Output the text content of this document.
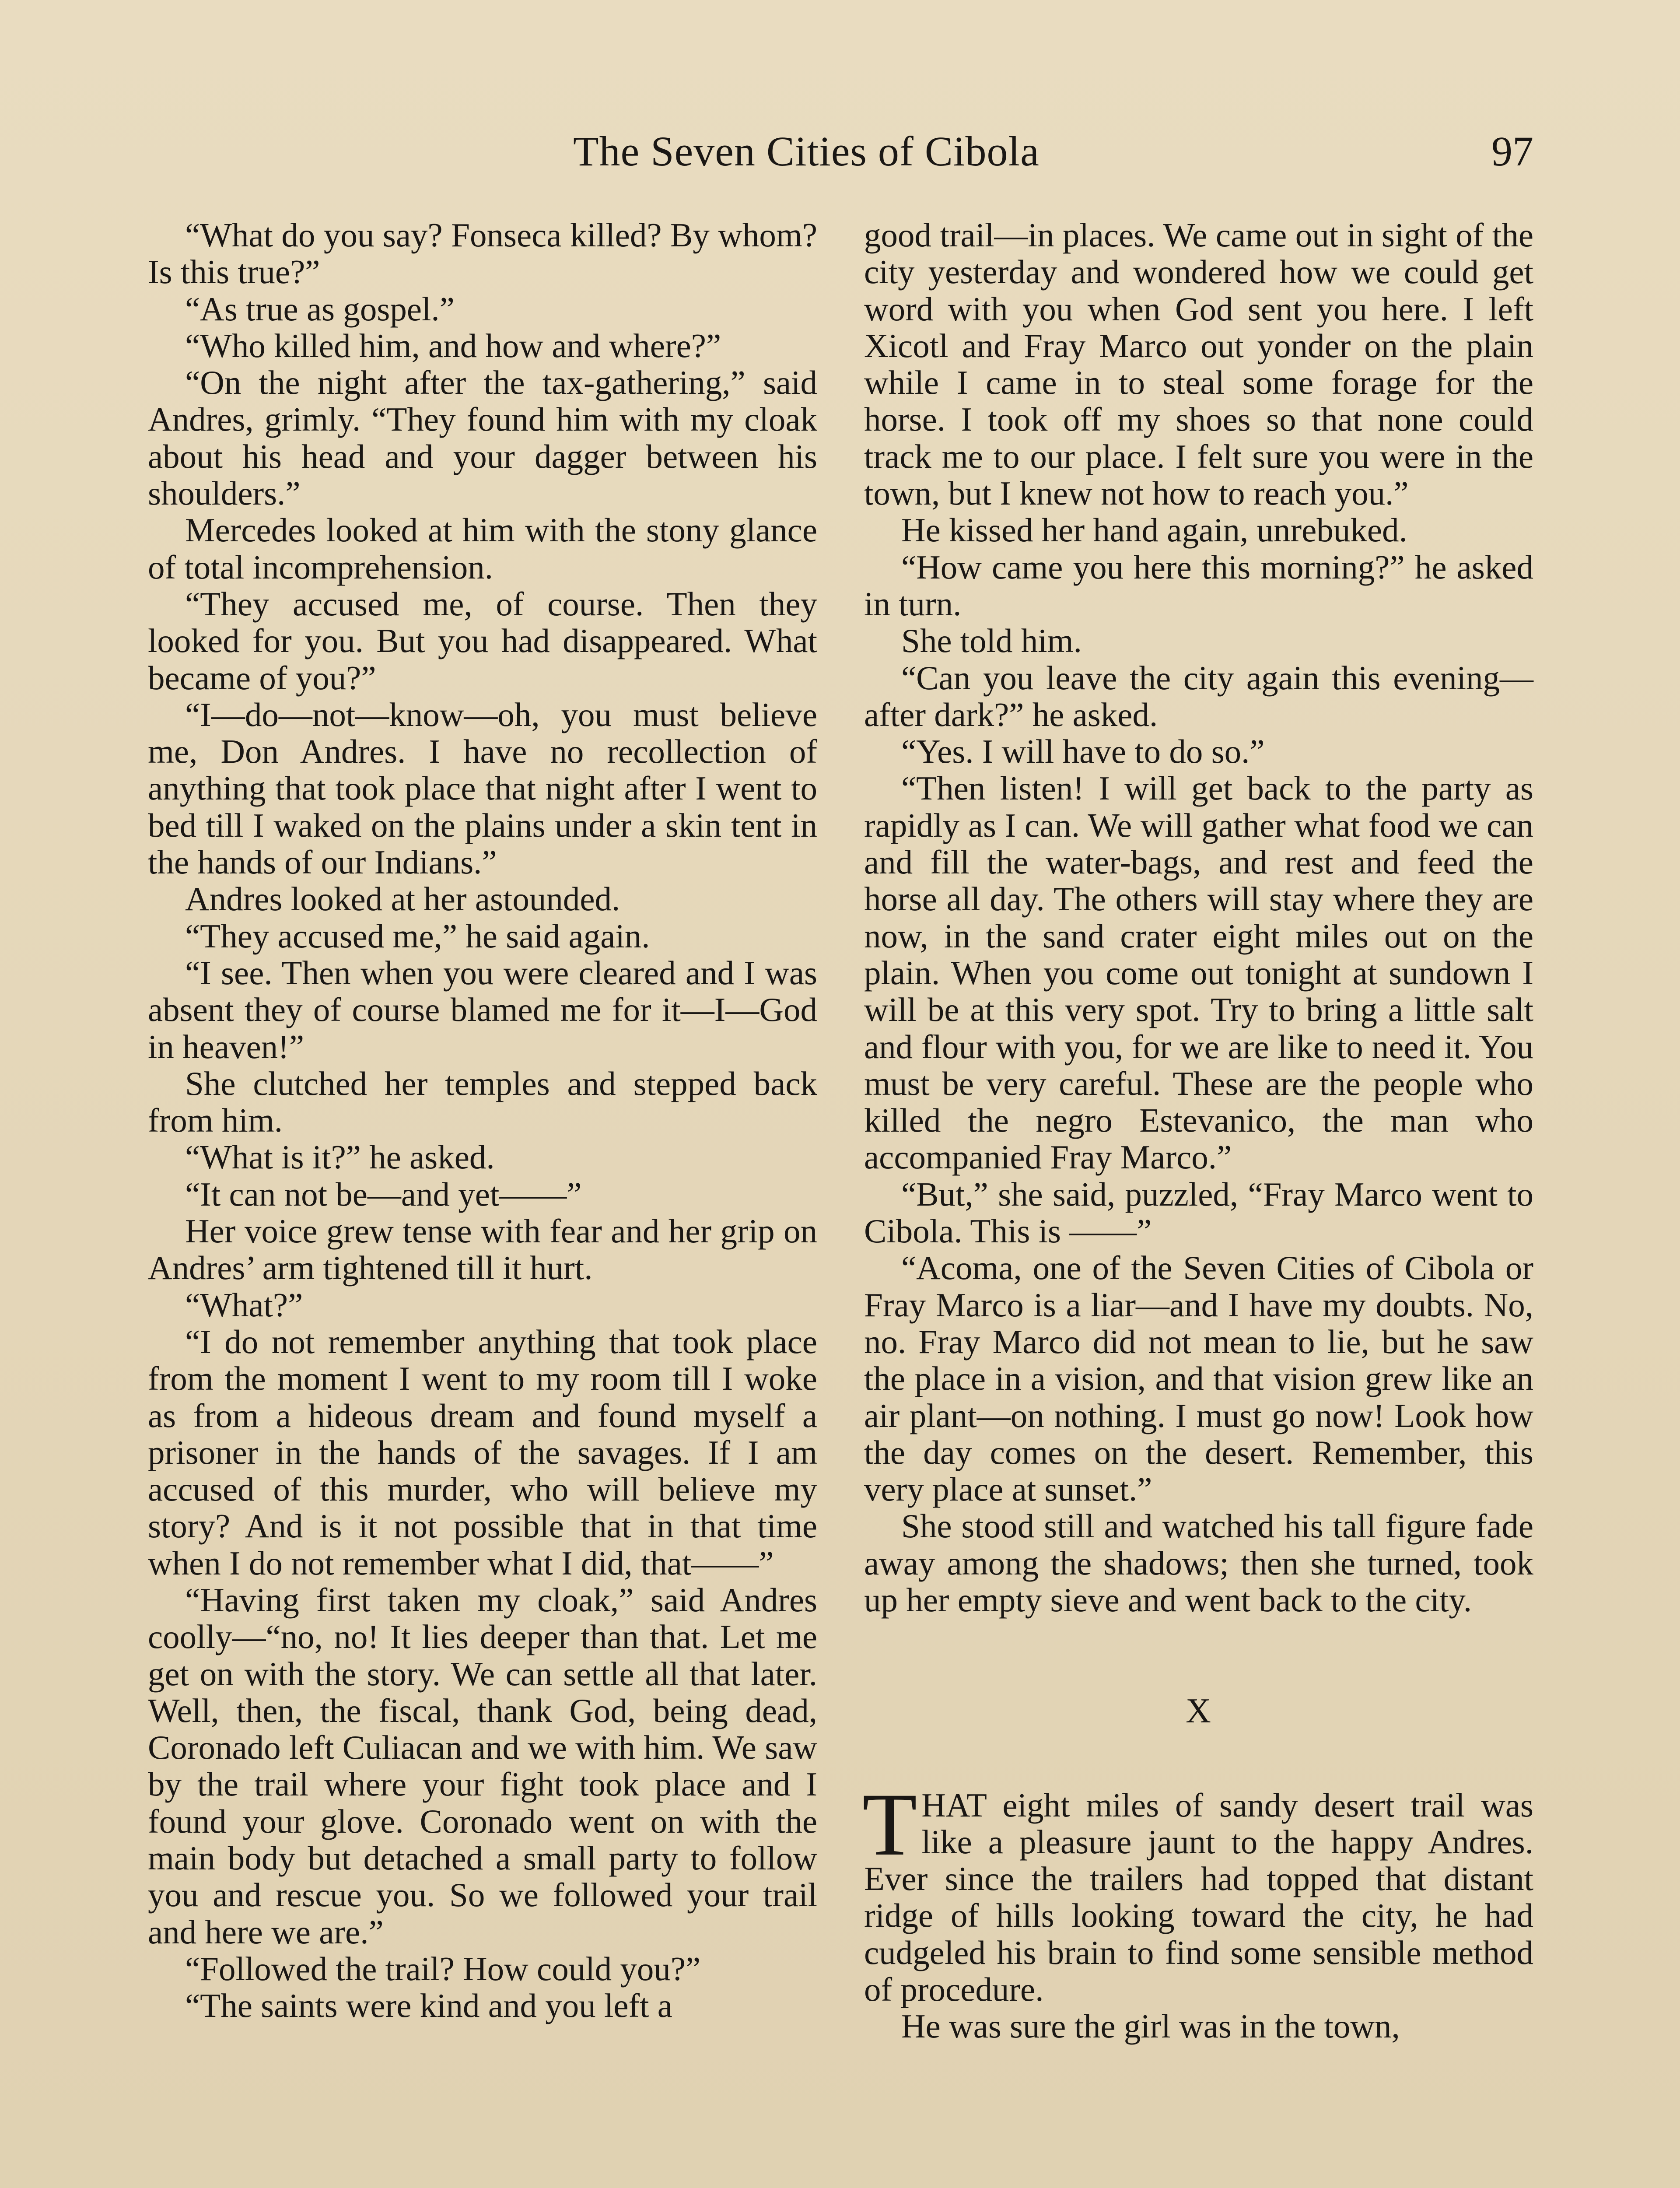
The Seven Cities of Cibola	97

“What do you say? Fonseca killed? By whom? Is this true?”

“As true as gospel.”

“Who killed him, and how and where?”

“On the night after the tax-gathering,” said Andres, grimly. “They found him with my cloak about his head and your dagger between his shoulders.”

Mercedes looked at him with the stony glance of total incomprehension.

“They accused me, of course. Then they looked for you. But you had disappeared. What became of you?”

“I—do—not—know—oh, you must believe me, Don Andres. I have no recollection of anything that took place that night after I went to bed till I waked on the plains under a skin tent in the hands of our Indians.”

Andres looked at her astounded.

“They accused me,” he said again.

“I see. Then when you were cleared and I was absent they of course blamed me for it—I—God in heaven!”

She clutched her temples and stepped back from him.

“What is it?” he asked.

“It can not be—and yet——”

Her voice grew tense with fear and her grip on Andres’ arm tightened till it hurt.

“What?”

“I do not remember anything that took place from the moment I went to my room till I woke as from a hideous dream and found myself a prisoner in the hands of the savages. If I am accused of this murder, who will believe my story? And is it not possible that in that time when I do not remember what I did, that——”

“Having first taken my cloak,” said Andres coolly—“no, no! It lies deeper than that. Let me get on with the story. We can settle all that later. Well, then, the fiscal, thank God, being dead, Coronado left Culiacan and we with him. We saw by the trail where your fight took place and I found your glove. Coronado went on with the main body but detached a small party to follow you and rescue you. So we followed your trail and here we are.”

“Followed the trail? How could you?”

“The saints were kind and you left a

good trail—in places. We came out in sight of the city yesterday and wondered how we could get word with you when God sent you here. I left Xicotl and Fray Marco out yonder on the plain while I came in to steal some forage for the horse. I took off my shoes so that none could track me to our place. I felt sure you were in the town, but I knew not how to reach you.”

He kissed her hand again, unrebuked.

“How came you here this morning?” he asked in turn.

She told him.

“Can you leave the city again this evening—after dark?” he asked.

“Yes. I will have to do so.”

“Then listen! I will get back to the party as rapidly as I can. We will gather what food we can and fill the water-bags, and rest and feed the horse all day. The others will stay where they are now, in the sand crater eight miles out on the plain. When you come out tonight at sundown I will be at this very spot. Try to bring a little salt and flour with you, for we are like to need it. You must be very careful. These are the people who killed the negro Estevanico, the man who accompanied Fray Marco.”

“But,” she said, puzzled, “Fray Marco went to Cibola. This is ——”

“Acoma, one of the Seven Cities of Cibola or Fray Marco is a liar—and I have my doubts. No, no. Fray Marco did not mean to lie, but he saw the place in a vision, and that vision grew like an air plant—on nothing. I must go now! Look how the day comes on the desert. Remember, this very place at sunset.”

She stood still and watched his tall figure fade away among the shadows; then she turned, took up her empty sieve and went back to the city.

X

THAT eight miles of sandy desert trail was like a pleasure jaunt to the happy Andres. Ever since the trailers had topped that distant ridge of hills looking toward the city, he had cudgeled his brain to find some sensible method of procedure.

He was sure the girl was in the town,
